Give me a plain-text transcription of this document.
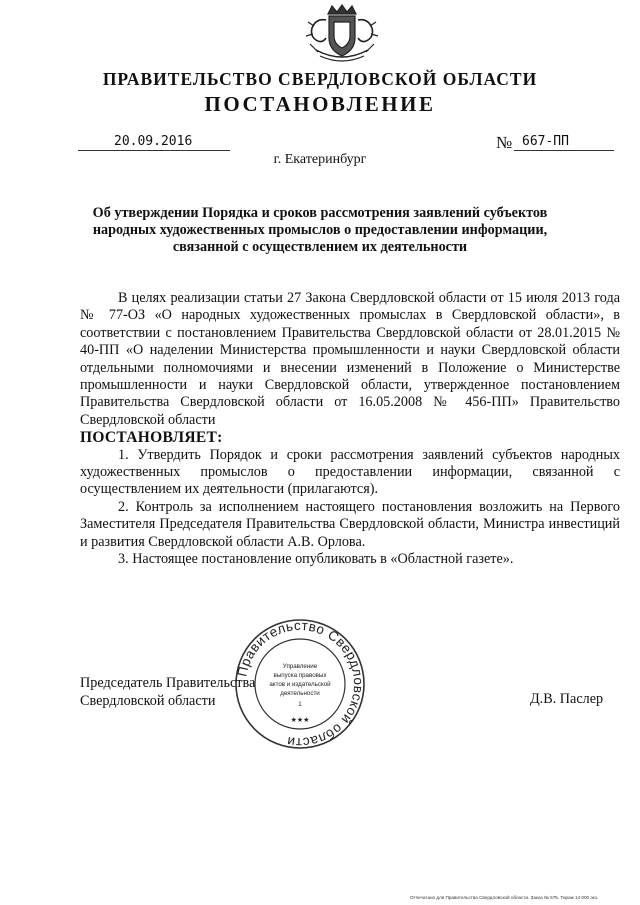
ПРАВИТЕЛЬСТВО СВЕРДЛОВСКОЙ ОБЛАСТИ
ПОСТАНОВЛЕНИЕ
20.09.2016	№ 667-ПП
г. Екатеринбург
Об утверждении Порядка и сроков рассмотрения заявлений субъектов
народных художественных промыслов о предоставлении информации,
связанной с осуществлением их деятельности

В целях реализации статьи 27 Закона Свердловской области от 15 июля 2013 года № 77-ОЗ «О народных художественных промыслах в Свердловской области», в соответствии с постановлением Правительства Свердловской области от 28.01.2015 № 40-ПП «О наделении Министерства промышленности и науки Свердловской области отдельными полномочиями и внесении изменений в Положение о Министерстве промышленности и науки Свердловской области, утвержденное постановлением Правительства Свердловской области от 16.05.2008 № 456-ПП» Правительство Свердловской области

ПОСТАНОВЛЯЕТ:

1. Утвердить Порядок и сроки рассмотрения заявлений субъектов народных художественных промыслов о предоставлении информации, связанной с осуществлением их деятельности (прилагаются).

2. Контроль за исполнением настоящего постановления возложить на Первого Заместителя Председателя Правительства Свердловской области, Министра инвестиций и развития Свердловской области А.В. Орлова.

3. Настоящее постановление опубликовать в «Областной газете».

Председатель Правительства
Свердловской области	Д.В. Паслер
Правительство Свердловской области
Управление
выпуска правовых
актов и издательской
деятельности
1
★★★
Отпечатано для Правительства Свердловской области. Заказ № 575. Тираж 14 000 экз.
